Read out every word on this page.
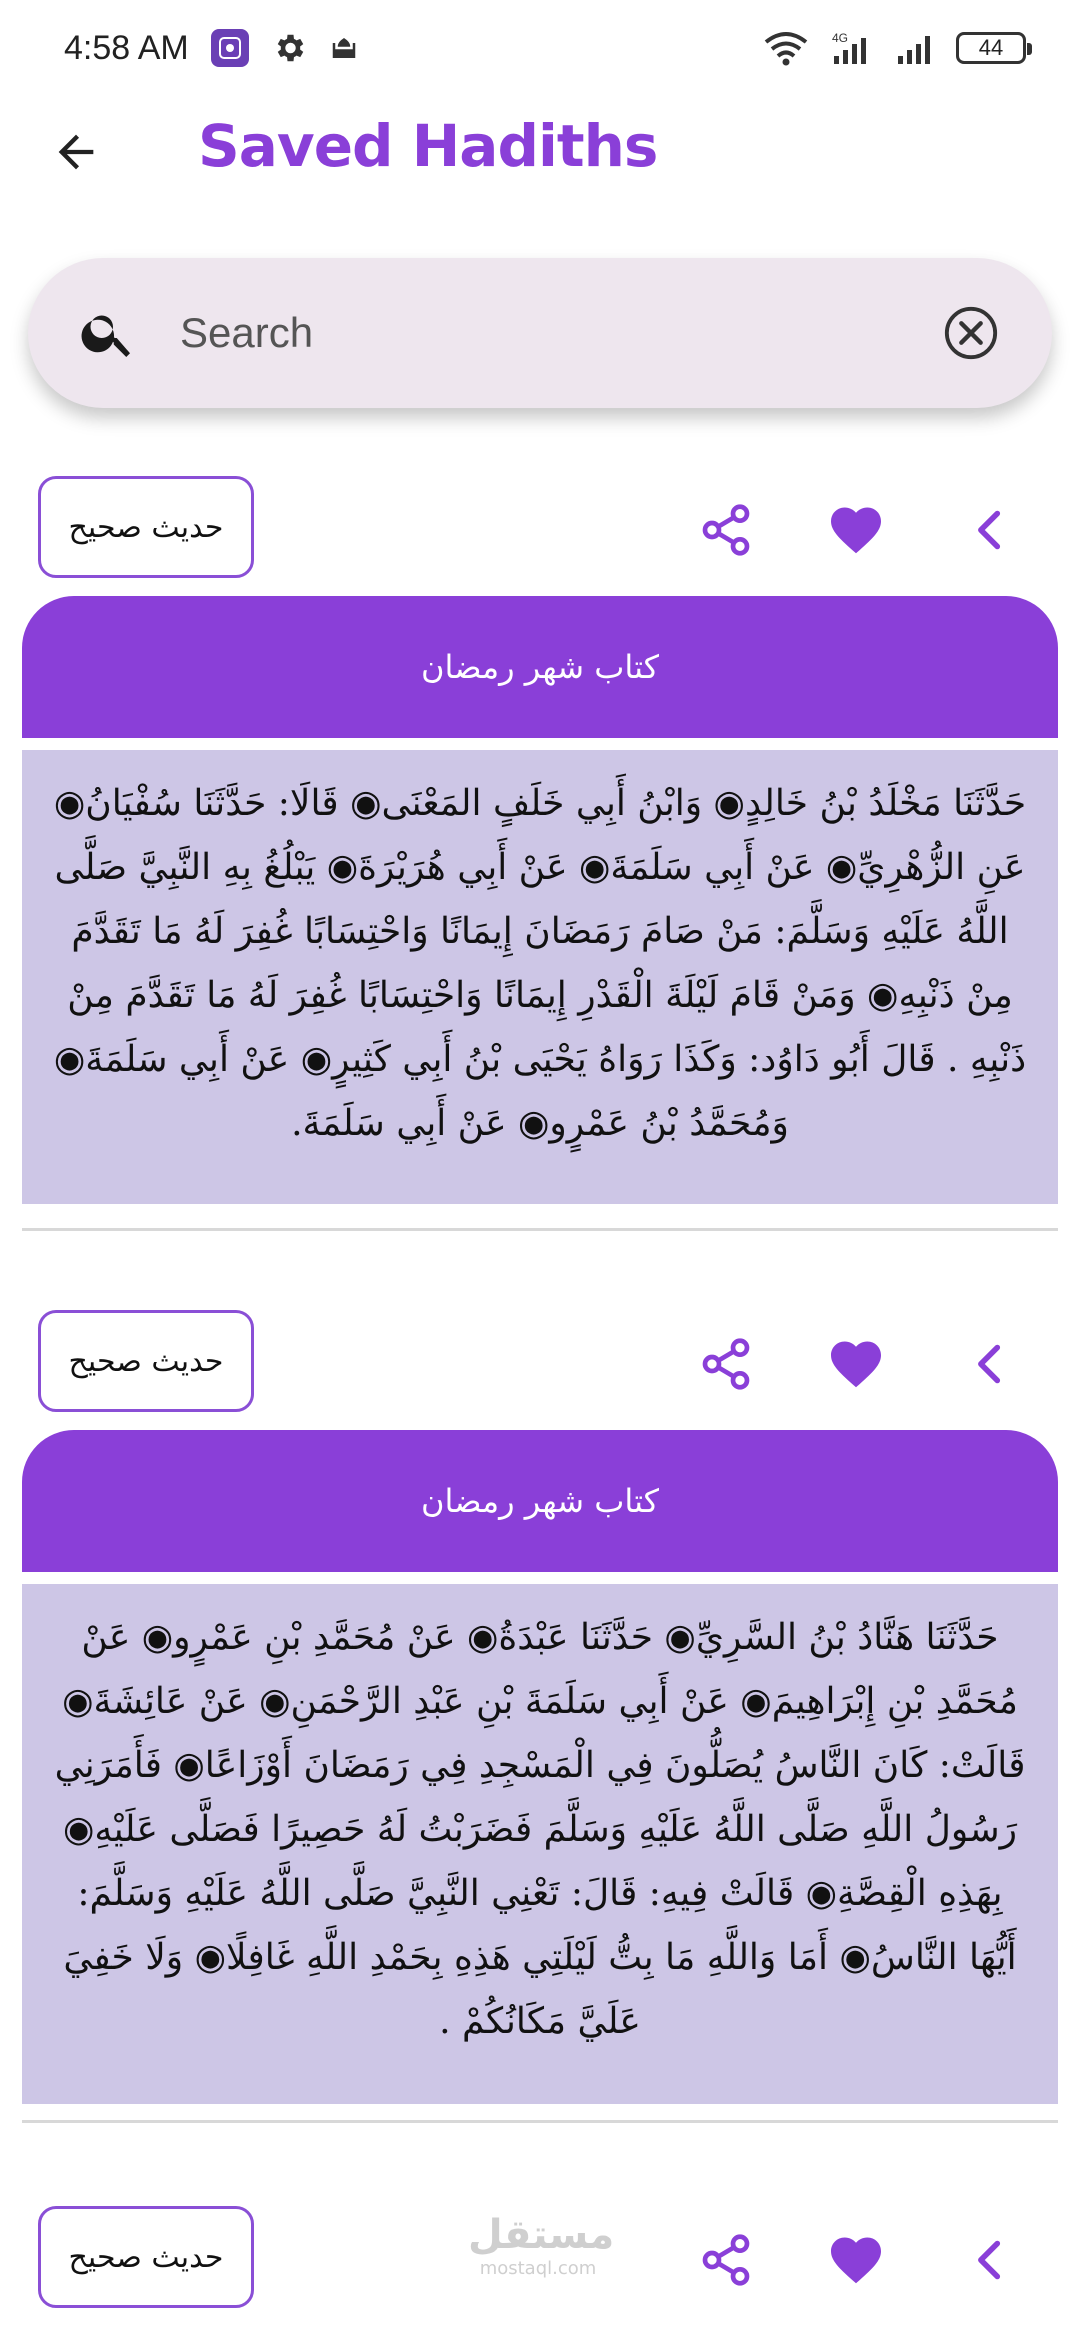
4:58 AM	4G	44
Saved Hadiths
Search
حديث صحيح
كتاب شهر رمضان
حَدَّثَنَا مَخْلَدُ بْنُ خَالِدٍ◉ وَابْنُ أَبِي خَلَفٍ المَعْنَى◉ قَالَا: حَدَّثَنَا سُفْيَانُ◉ عَنِ الزُّهْرِيِّ◉ عَنْ أَبِي سَلَمَةَ◉ عَنْ أَبِي هُرَيْرَةَ◉ يَبْلُغُ بِهِ النَّبِيَّ صَلَّى اللَّهُ عَلَيْهِ وَسَلَّمَ: مَنْ صَامَ رَمَضَانَ إِيمَانًا وَاحْتِسَابًا غُفِرَ لَهُ مَا تَقَدَّمَ مِنْ ذَنْبِهِ◉ وَمَنْ قَامَ لَيْلَةَ الْقَدْرِ إِيمَانًا وَاحْتِسَابًا غُفِرَ لَهُ مَا تَقَدَّمَ مِنْ ذَنْبِهِ . قَالَ أَبُو دَاوُد: وَكَذَا رَوَاهُ يَحْيَى بْنُ أَبِي كَثِيرٍ◉ عَنْ أَبِي سَلَمَةَ◉ وَمُحَمَّدُ بْنُ عَمْرٍو◉ عَنْ أَبِي سَلَمَةَ.
حديث صحيح
كتاب شهر رمضان
حَدَّثَنَا هَنَّادُ بْنُ السَّرِيِّ◉ حَدَّثَنَا عَبْدَةُ◉ عَنْ مُحَمَّدِ بْنِ عَمْرٍو◉ عَنْ مُحَمَّدِ بْنِ إِبْرَاهِيمَ◉ عَنْ أَبِي سَلَمَةَ بْنِ عَبْدِ الرَّحْمَنِ◉ عَنْ عَائِشَةَ◉ قَالَتْ: كَانَ النَّاسُ يُصَلُّونَ فِي الْمَسْجِدِ فِي رَمَضَانَ أَوْزَاعًا◉ فَأَمَرَنِي رَسُولُ اللَّهِ صَلَّى اللَّهُ عَلَيْهِ وَسَلَّمَ فَضَرَبْتُ لَهُ حَصِيرًا فَصَلَّى عَلَيْهِ◉ بِهَذِهِ الْقِصَّةِ◉ قَالَتْ فِيهِ: قَالَ: تَعْنِي النَّبِيَّ صَلَّى اللَّهُ عَلَيْهِ وَسَلَّمَ: أَيُّهَا النَّاسُ◉ أَمَا وَاللَّهِ مَا بِتُّ لَيْلَتِي هَذِهِ بِحَمْدِ اللَّهِ غَافِلًا◉ وَلَا خَفِيَ عَلَيَّ مَكَانُكُمْ .
حديث صحيح	مستقل
mostaql.com
